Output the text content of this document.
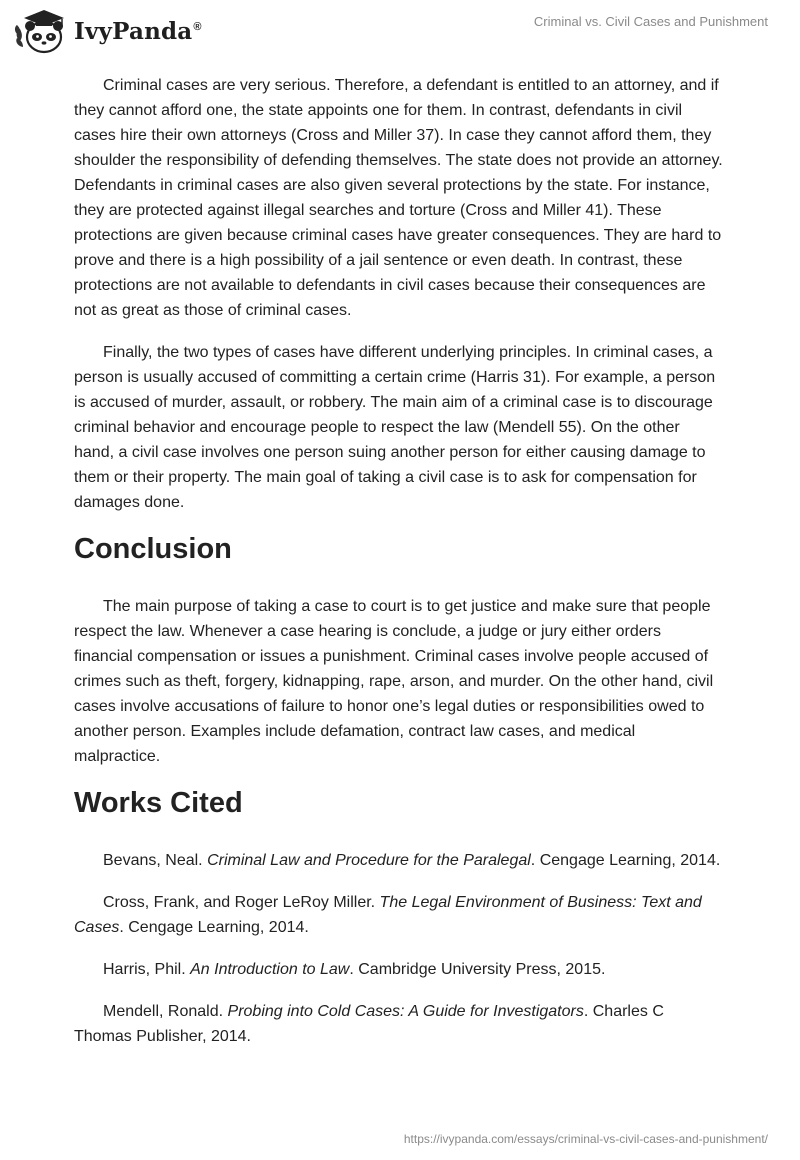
IvyPanda®	Criminal vs. Civil Cases and Punishment

Criminal cases are very serious. Therefore, a defendant is entitled to an attorney, and if they cannot afford one, the state appoints one for them. In contrast, defendants in civil cases hire their own attorneys (Cross and Miller 37). In case they cannot afford them, they shoulder the responsibility of defending themselves. The state does not provide an attorney. Defendants in criminal cases are also given several protections by the state. For instance, they are protected against illegal searches and torture (Cross and Miller 41). These protections are given because criminal cases have greater consequences. They are hard to prove and there is a high possibility of a jail sentence or even death. In contrast, these protections are not available to defendants in civil cases because their consequences are not as great as those of criminal cases.

Finally, the two types of cases have different underlying principles. In criminal cases, a person is usually accused of committing a certain crime (Harris 31). For example, a person is accused of murder, assault, or robbery. The main aim of a criminal case is to discourage criminal behavior and encourage people to respect the law (Mendell 55). On the other hand, a civil case involves one person suing another person for either causing damage to them or their property. The main goal of taking a civil case is to ask for compensation for damages done.

Conclusion

The main purpose of taking a case to court is to get justice and make sure that people respect the law. Whenever a case hearing is conclude, a judge or jury either orders financial compensation or issues a punishment. Criminal cases involve people accused of crimes such as theft, forgery, kidnapping, rape, arson, and murder. On the other hand, civil cases involve accusations of failure to honor one’s legal duties or responsibilities owed to another person. Examples include defamation, contract law cases, and medical malpractice.

Works Cited

Bevans, Neal. Criminal Law and Procedure for the Paralegal. Cengage Learning, 2014.

Cross, Frank, and Roger LeRoy Miller. The Legal Environment of Business: Text and Cases. Cengage Learning, 2014.

Harris, Phil. An Introduction to Law. Cambridge University Press, 2015.

Mendell, Ronald. Probing into Cold Cases: A Guide for Investigators. Charles C Thomas Publisher, 2014.

https://ivypanda.com/essays/criminal-vs-civil-cases-and-punishment/
